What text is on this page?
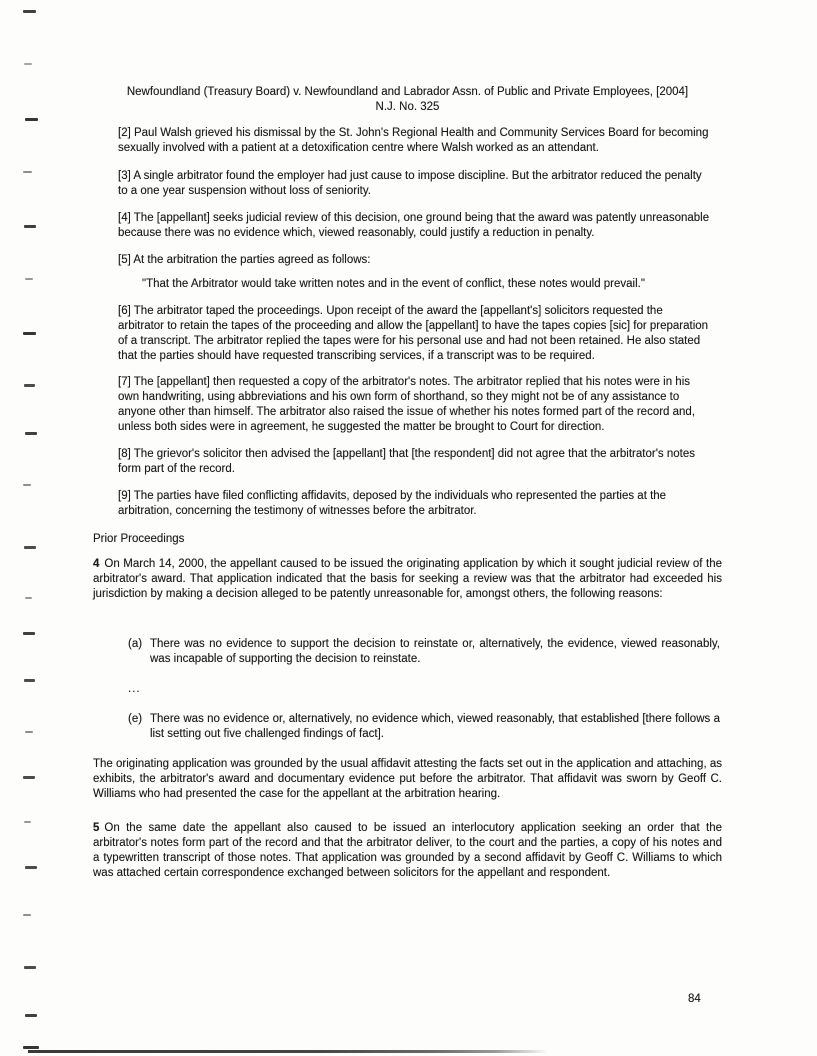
Newfoundland (Treasury Board) v. Newfoundland and Labrador Assn. of Public and Private Employees, [2004]
N.J. No. 325

[2] Paul Walsh grieved his dismissal by the St. John's Regional Health and Community Services Board for becoming sexually involved with a patient at a detoxification centre where Walsh worked as an attendant.

[3] A single arbitrator found the employer had just cause to impose discipline. But the arbitrator reduced the penalty to a one year suspension without loss of seniority.

[4] The [appellant] seeks judicial review of this decision, one ground being that the award was patently unreasonable because there was no evidence which, viewed reasonably, could justify a reduction in penalty.

[5] At the arbitration the parties agreed as follows:

"That the Arbitrator would take written notes and in the event of conflict, these notes would prevail."

[6] The arbitrator taped the proceedings. Upon receipt of the award the [appellant's] solicitors requested the arbitrator to retain the tapes of the proceeding and allow the [appellant] to have the tapes copies [sic] for preparation of a transcript. The arbitrator replied the tapes were for his personal use and had not been retained. He also stated that the parties should have requested transcribing services, if a transcript was to be required.

[7] The [appellant] then requested a copy of the arbitrator's notes. The arbitrator replied that his notes were in his own handwriting, using abbreviations and his own form of shorthand, so they might not be of any assistance to anyone other than himself. The arbitrator also raised the issue of whether his notes formed part of the record and, unless both sides were in agreement, he suggested the matter be brought to Court for direction.

[8] The grievor's solicitor then advised the [appellant] that [the respondent] did not agree that the arbitrator's notes form part of the record.

[9] The parties have filed conflicting affidavits, deposed by the individuals who represented the parties at the arbitration, concerning the testimony of witnesses before the arbitrator.

Prior Proceedings

4 On March 14, 2000, the appellant caused to be issued the originating application by which it sought judicial review of the arbitrator's award. That application indicated that the basis for seeking a review was that the arbitrator had exceeded his jurisdiction by making a decision alleged to be patently unreasonable for, amongst others, the following reasons:

(a) There was no evidence to support the decision to reinstate or, alternatively, the evidence, viewed reasonably, was incapable of supporting the decision to reinstate.
...
(e) There was no evidence or, alternatively, no evidence which, viewed reasonably, that established [there follows a list setting out five challenged findings of fact].

The originating application was grounded by the usual affidavit attesting the facts set out in the application and attaching, as exhibits, the arbitrator's award and documentary evidence put before the arbitrator. That affidavit was sworn by Geoff C. Williams who had presented the case for the appellant at the arbitration hearing.

5 On the same date the appellant also caused to be issued an interlocutory application seeking an order that the arbitrator's notes form part of the record and that the arbitrator deliver, to the court and the parties, a copy of his notes and a typewritten transcript of those notes. That application was grounded by a second affidavit by Geoff C. Williams to which was attached certain correspondence exchanged between solicitors for the appellant and respondent.

84
